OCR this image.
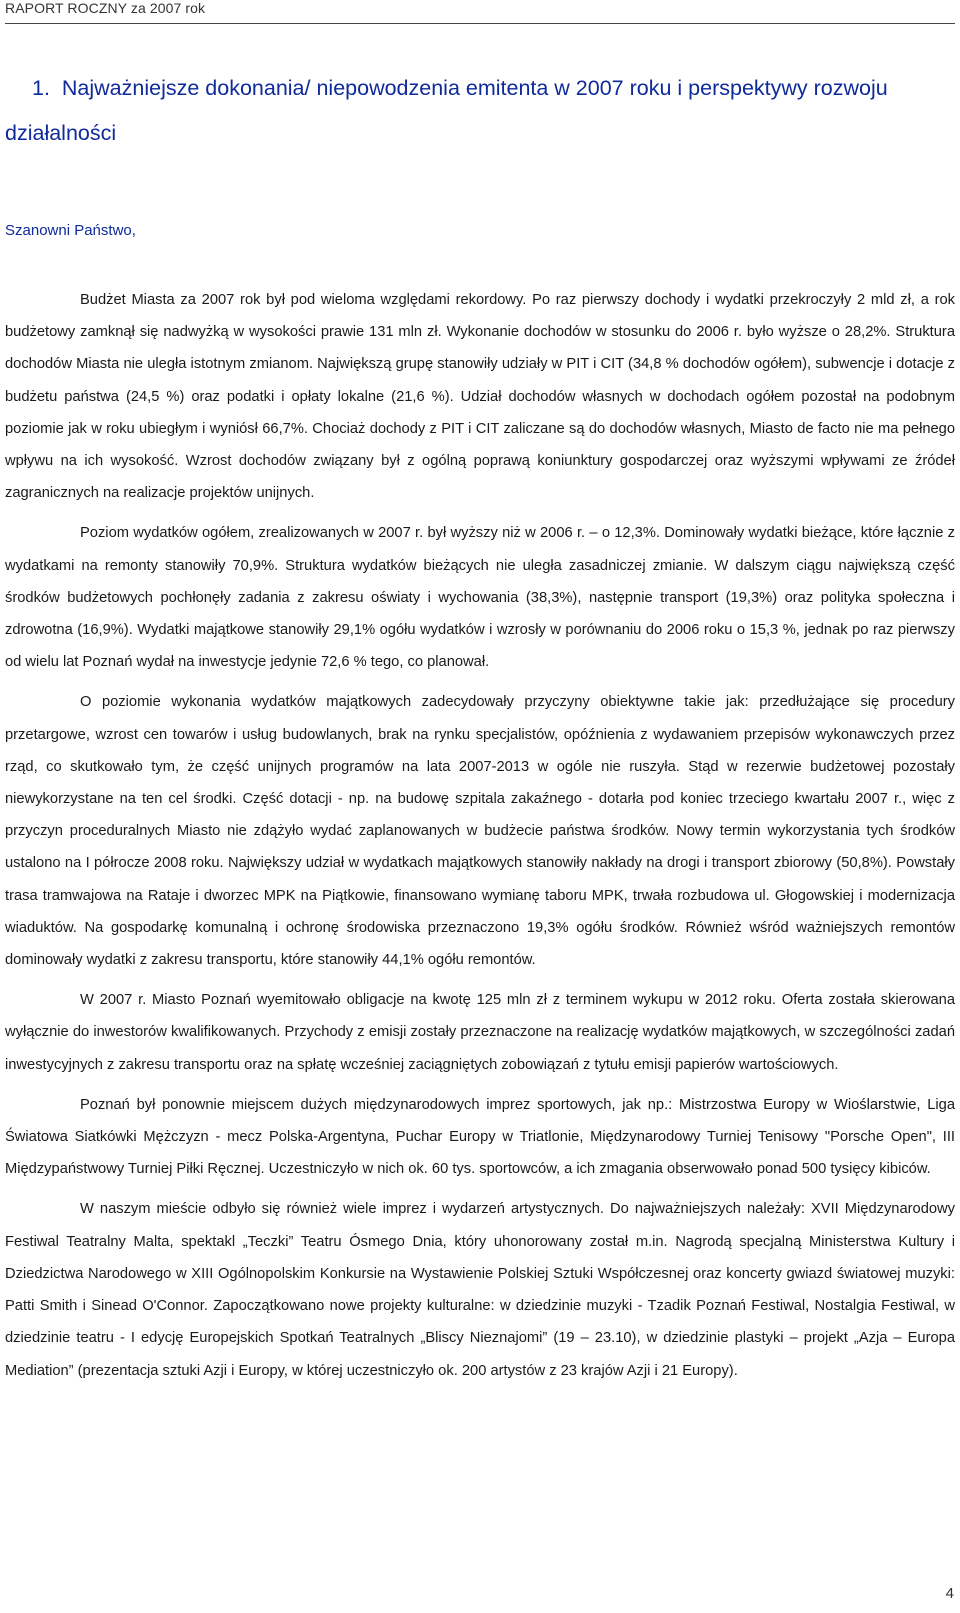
RAPORT ROCZNY za 2007 rok
1. Najważniejsze dokonania/ niepowodzenia emitenta w 2007 roku i perspektywy rozwoju działalności

Szanowni Państwo,

Budżet Miasta za 2007 rok był pod wieloma względami rekordowy. Po raz pierwszy dochody i wydatki przekroczyły 2 mld zł, a rok budżetowy zamknął się nadwyżką w wysokości prawie 131 mln zł. Wykonanie dochodów w stosunku do 2006 r. było wyższe o 28,2%. Struktura dochodów Miasta nie uległa istotnym zmianom. Największą grupę stanowiły udziały w PIT i CIT (34,8 % dochodów ogółem), subwencje i dotacje z budżetu państwa (24,5 %) oraz podatki i opłaty lokalne (21,6 %). Udział dochodów własnych w dochodach ogółem pozostał na podobnym poziomie jak w roku ubiegłym i wyniósł 66,7%. Chociaż dochody z PIT i CIT zaliczane są do dochodów własnych, Miasto de facto nie ma pełnego wpływu na ich wysokość. Wzrost dochodów związany był z ogólną poprawą koniunktury gospodarczej oraz wyższymi wpływami ze źródeł zagranicznych na realizacje projektów unijnych.

Poziom wydatków ogółem, zrealizowanych w 2007 r. był wyższy niż w 2006 r. – o 12,3%. Dominowały wydatki bieżące, które łącznie z wydatkami na remonty stanowiły 70,9%. Struktura wydatków bieżących nie uległa zasadniczej zmianie. W dalszym ciągu największą część środków budżetowych pochłonęły zadania z zakresu oświaty i wychowania (38,3%), następnie transport (19,3%) oraz polityka społeczna i zdrowotna (16,9%). Wydatki majątkowe stanowiły 29,1% ogółu wydatków i wzrosły w porównaniu do 2006 roku o 15,3 %, jednak po raz pierwszy od wielu lat Poznań wydał na inwestycje jedynie 72,6 % tego, co planował.

O poziomie wykonania wydatków majątkowych zadecydowały przyczyny obiektywne takie jak: przedłużające się procedury przetargowe, wzrost cen towarów i usług budowlanych, brak na rynku specjalistów, opóźnienia z wydawaniem przepisów wykonawczych przez rząd, co skutkowało tym, że część unijnych programów na lata 2007-2013 w ogóle nie ruszyła. Stąd w rezerwie budżetowej pozostały niewykorzystane na ten cel środki. Część dotacji - np. na budowę szpitala zakaźnego - dotarła pod koniec trzeciego kwartału 2007 r., więc z przyczyn proceduralnych Miasto nie zdążyło wydać zaplanowanych w budżecie państwa środków. Nowy termin wykorzystania tych środków ustalono na I półrocze 2008 roku. Największy udział w wydatkach majątkowych stanowiły nakłady na drogi i transport zbiorowy (50,8%). Powstały trasa tramwajowa na Rataje i dworzec MPK na Piątkowie, finansowano wymianę taboru MPK, trwała rozbudowa ul. Głogowskiej i modernizacja wiaduktów. Na gospodarkę komunalną i ochronę środowiska przeznaczono 19,3% ogółu środków. Również wśród ważniejszych remontów dominowały wydatki z zakresu transportu, które stanowiły 44,1% ogółu remontów.

W 2007 r. Miasto Poznań wyemitowało obligacje na kwotę 125 mln zł z terminem wykupu w 2012 roku. Oferta została skierowana wyłącznie do inwestorów kwalifikowanych. Przychody z emisji zostały przeznaczone na realizację wydatków majątkowych, w szczególności zadań inwestycyjnych z zakresu transportu oraz na spłatę wcześniej zaciągniętych zobowiązań z tytułu emisji papierów wartościowych.

Poznań był ponownie miejscem dużych międzynarodowych imprez sportowych, jak np.: Mistrzostwa Europy w Wioślarstwie, Liga Światowa Siatkówki Mężczyzn - mecz Polska-Argentyna, Puchar Europy w Triatlonie, Międzynarodowy Turniej Tenisowy "Porsche Open", III Międzypaństwowy Turniej Piłki Ręcznej. Uczestniczyło w nich ok. 60 tys. sportowców, a ich zmagania obserwowało ponad 500 tysięcy kibiców.

W naszym mieście odbyło się również wiele imprez i wydarzeń artystycznych. Do najważniejszych należały: XVII Międzynarodowy Festiwal Teatralny Malta, spektakl „Teczki” Teatru Ósmego Dnia, który uhonorowany został m.in. Nagrodą specjalną Ministerstwa Kultury i Dziedzictwa Narodowego w XIII Ogólnopolskim Konkursie na Wystawienie Polskiej Sztuki Współczesnej oraz koncerty gwiazd światowej muzyki: Patti Smith i Sinead O'Connor. Zapoczątkowano nowe projekty kulturalne: w dziedzinie muzyki - Tzadik Poznań Festiwal, Nostalgia Festiwal, w dziedzinie teatru - I edycję Europejskich Spotkań Teatralnych „Bliscy Nieznajomi” (19 – 23.10), w dziedzinie plastyki – projekt „Azja – Europa Mediation” (prezentacja sztuki Azji i Europy, w której uczestniczyło ok. 200 artystów z 23 krajów Azji i 21 Europy).

4
